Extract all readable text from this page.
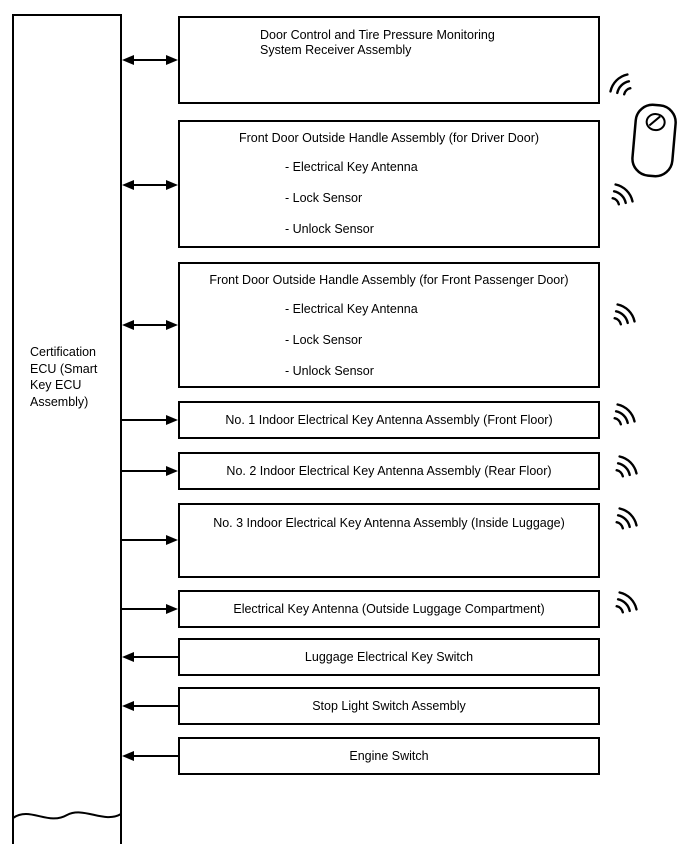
Certification ECU (Smart Key ECU Assembly)
Door Control and Tire Pressure Monitoring System Receiver Assembly
Front Door Outside Handle Assembly (for Driver Door)
- Electrical Key Antenna
- Lock Sensor
- Unlock Sensor
Front Door Outside Handle Assembly (for Front Passenger Door)
- Electrical Key Antenna
- Lock Sensor
- Unlock Sensor
No. 1 Indoor Electrical Key Antenna Assembly (Front Floor)
No. 2 Indoor Electrical Key Antenna Assembly (Rear Floor)
No. 3 Indoor Electrical Key Antenna Assembly (Inside Luggage)
Electrical Key Antenna (Outside Luggage Compartment)
Luggage Electrical Key Switch
Stop Light Switch Assembly
Engine Switch
